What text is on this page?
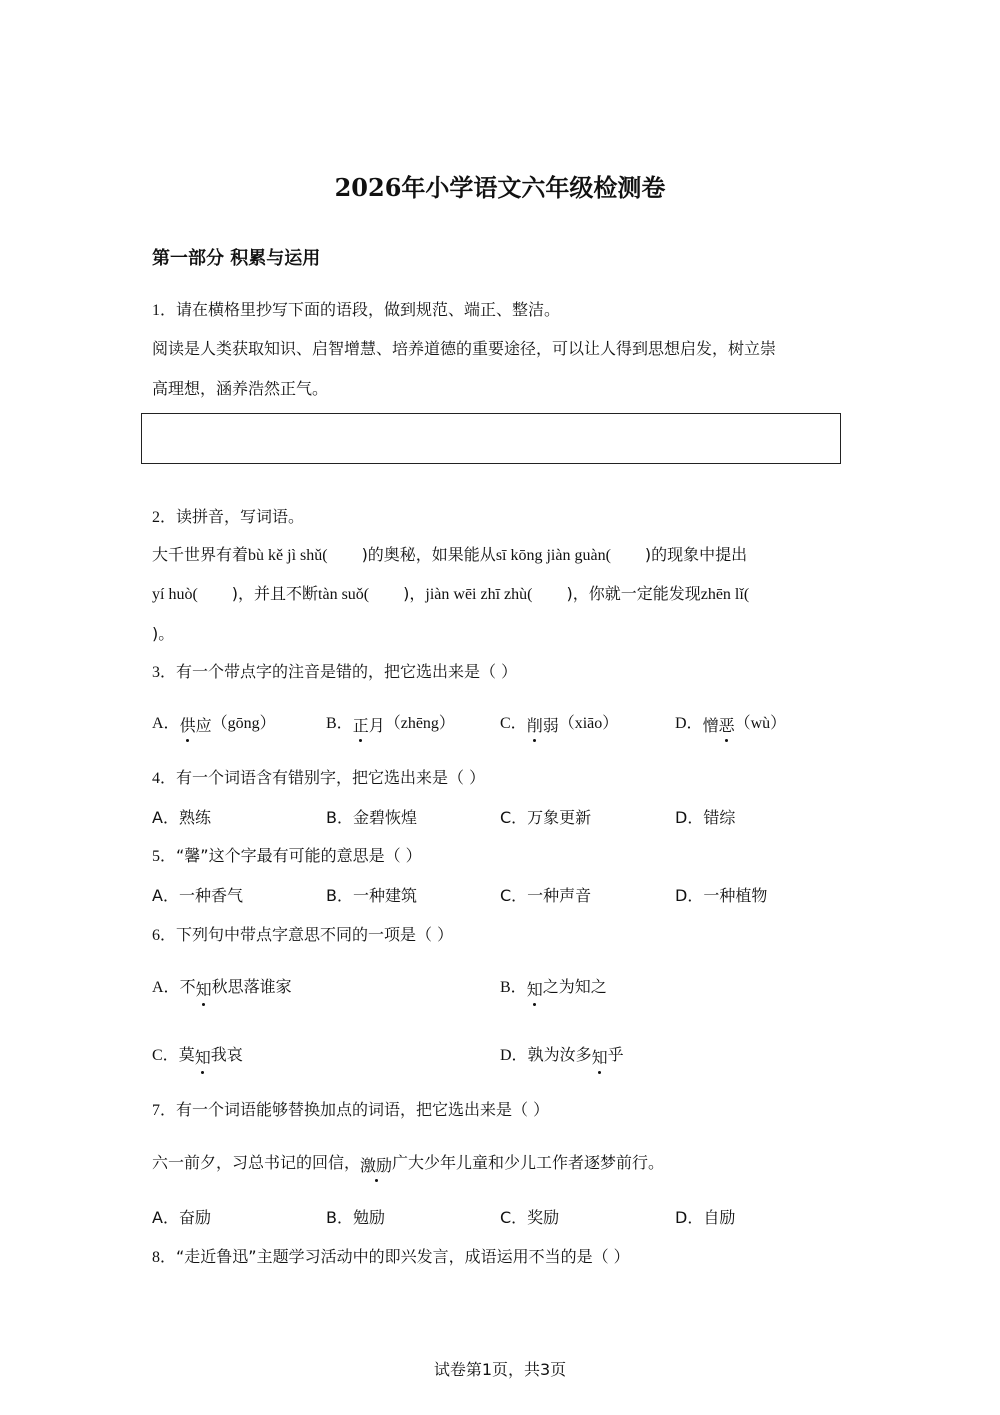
2026年小学语文六年级检测卷
第一部分 积累与运用
1．请在横格里抄写下面的语段，做到规范、端正、整洁。
阅读是人类获取知识、启智增慧、培养道德的重要途径，可以让人得到思想启发，树立崇
高理想，涵养浩然正气。
2．读拼音，写词语。
大千世界有着bù kě jì shǔ( )的奥秘，如果能从sī kōng jiàn guàn( )的现象中提出
yí huò( )，并且不断tàn suǒ( )，jiàn wēi zhī zhù( )，你就一定能发现zhēn lǐ(
)。
3．有一个带点字的注音是错的，把它选出来是（ ）
A．供应（gōng）	B．正月（zhēng）	C．削弱（xiāo）	D．憎恶（wù）
4．有一个词语含有错别字，把它选出来是（ ）
A．熟练	B．金碧恢煌	C．万象更新	D．错综
5．“馨”这个字最有可能的意思是（ ）
A．一种香气	B．一种建筑	C．一种声音	D．一种植物
6．下列句中带点字意思不同的一项是（ ）
A．不知秋思落谁家	B．知之为知之
C．莫知我哀	D．孰为汝多知乎
7．有一个词语能够替换加点的词语，把它选出来是（ ）
六一前夕，习总书记的回信，激励广大少年儿童和少儿工作者逐梦前行。
A．奋励	B．勉励	C．奖励	D．自励
8．“走近鲁迅”主题学习活动中的即兴发言，成语运用不当的是（ ）
试卷第1页，共3页
